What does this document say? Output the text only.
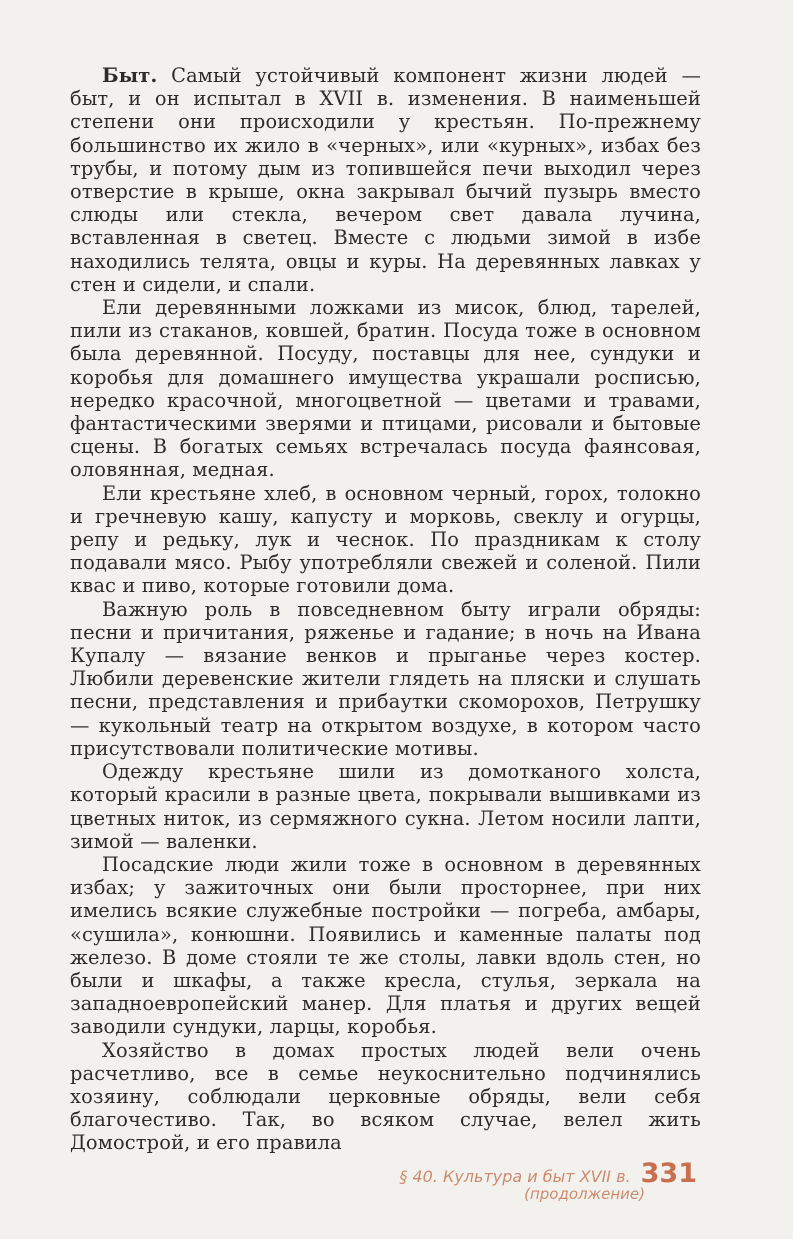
Быт. Самый устойчивый компонент жизни людей — быт, и он испытал в XVII в. изменения. В наименьшей степени они происходили у крестьян. По-прежнему большинство их жило в «черных», или «курных», избах без трубы, и потому дым из топившейся печи выходил через отверстие в крыше, окна закрывал бычий пузырь вместо слюды или стекла, вечером свет давала лучина, вставленная в светец. Вместе с людьми зимой в избе находились телята, овцы и куры. На деревянных лавках у стен и сидели, и спали.

Ели деревянными ложками из мисок, блюд, тарелей, пили из стаканов, ковшей, братин. Посуда тоже в основном была деревянной. Посуду, поставцы для нее, сундуки и коробья для домашнего имущества украшали росписью, нередко красочной, многоцветной — цветами и травами, фантастическими зверями и птицами, рисовали и бытовые сцены. В богатых семьях встречалась посуда фаянсовая, оловянная, медная.

Ели крестьяне хлеб, в основном черный, горох, толокно и гречневую кашу, капусту и морковь, свеклу и огурцы, репу и редьку, лук и чеснок. По праздникам к столу подавали мясо. Рыбу употребляли свежей и соленой. Пили квас и пиво, которые готовили дома.

Важную роль в повседневном быту играли обряды: песни и причитания, ряженье и гадание; в ночь на Ивана Купалу — вязание венков и прыганье через костер. Любили деревенские жители глядеть на пляски и слушать песни, представления и прибаутки скоморохов, Петрушку — кукольный театр на открытом воздухе, в котором часто присутствовали политические мотивы.

Одежду крестьяне шили из домотканого холста, который красили в разные цвета, покрывали вышивками из цветных ниток, из сермяжного сукна. Летом носили лапти, зимой — валенки.

Посадские люди жили тоже в основном в деревянных избах; у зажиточных они были просторнее, при них имелись всякие служебные постройки — погреба, амбары, «сушила», конюшни. Появились и каменные палаты под железо. В доме стояли те же столы, лавки вдоль стен, но были и шкафы, а также кресла, стулья, зеркала на западноевропейский манер. Для платья и других вещей заводили сундуки, ларцы, коробья.

Хозяйство в домах простых людей вели очень расчетливо, все в семье неукоснительно подчинялись хозяину, соблюдали церковные обряды, вели себя благочестиво. Так, во всяком случае, велел жить Домострой, и его правила

§ 40. Культура и быт XVII в. 331
(продолжение)
